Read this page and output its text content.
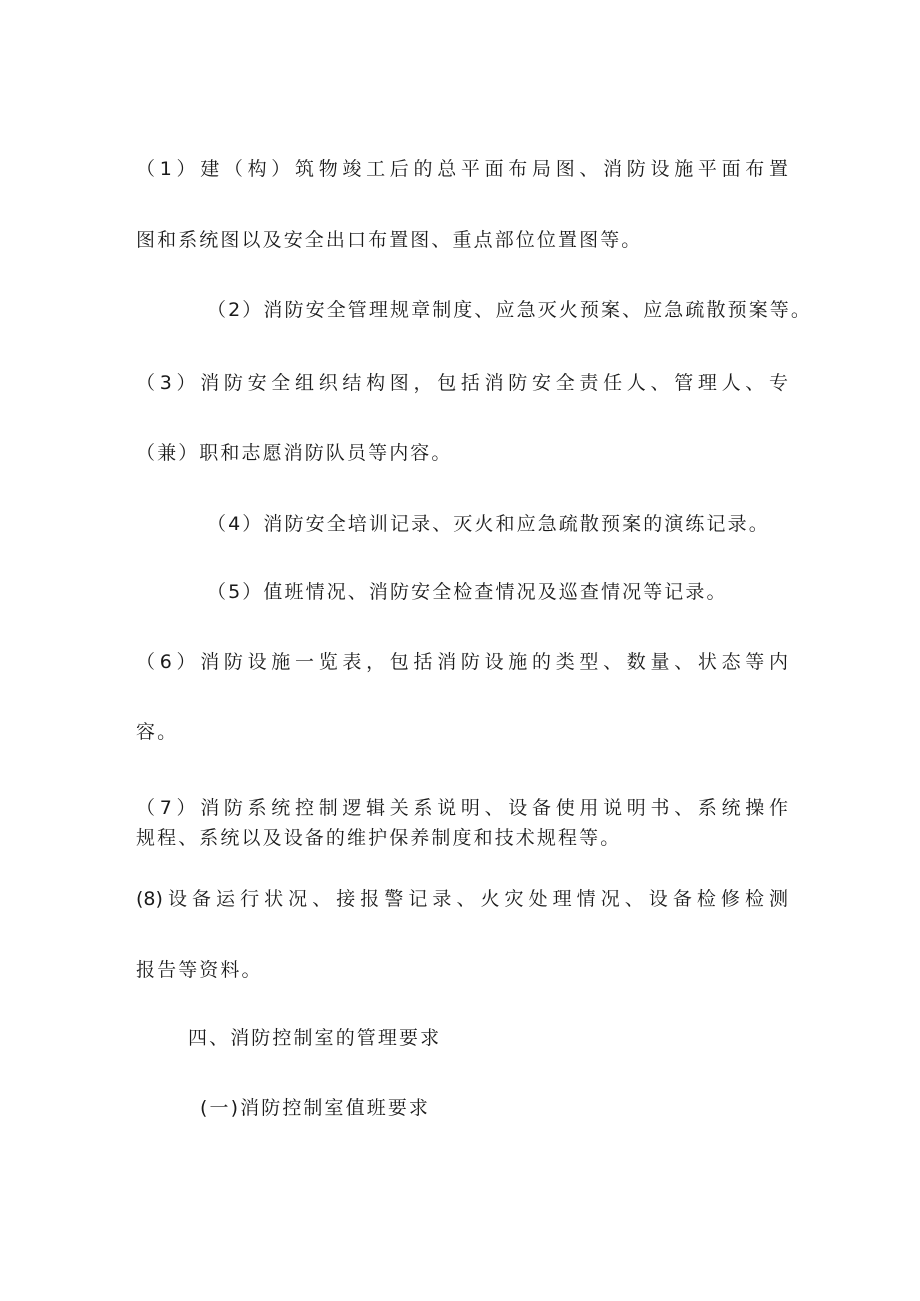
（1）建（构）筑物竣工后的总平面布局图、消防设施平面布置
图和系统图以及安全出口布置图、重点部位位置图等。
（2）消防安全管理规章制度、应急灭火预案、应急疏散预案等。
（3）消防安全组织结构图，包括消防安全责任人、管理人、专
（兼）职和志愿消防队员等内容。
（4）消防安全培训记录、灭火和应急疏散预案的演练记录。
（5）值班情况、消防安全检查情况及巡查情况等记录。
（6）消防设施一览表，包括消防设施的类型、数量、状态等内
容。
（7）消防系统控制逻辑关系说明、设备使用说明书、系统操作
规程、系统以及设备的维护保养制度和技术规程等。
(8)设备运行状况、接报警记录、火灾处理情况、设备检修检测
报告等资料。
四、消防控制室的管理要求
(一)消防控制室值班要求
